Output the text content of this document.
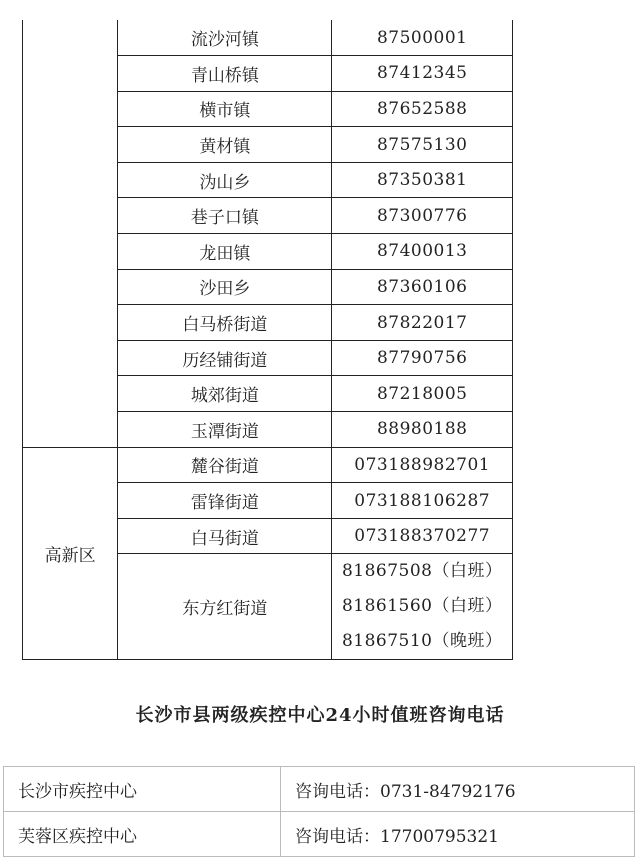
	流沙河镇	87500001
	青山桥镇	87412345
	横市镇	87652588
	黄材镇	87575130
	沩山乡	87350381
	巷子口镇	87300776
	龙田镇	87400013
	沙田乡	87360106
	白马桥街道	87822017
	历经铺街道	87790756
	城郊街道	87218005
	玉潭街道	88980188
高新区	麓谷街道	073188982701
	雷锋街道	073188106287
	白马街道	073188370277
	东方红街道	81867508（白班）
81861560（白班）
81867510（晚班）
长沙市县两级疾控中心24小时值班咨询电话
长沙市疾控中心	咨询电话：0731-84792176
芙蓉区疾控中心	咨询电话：17700795321
